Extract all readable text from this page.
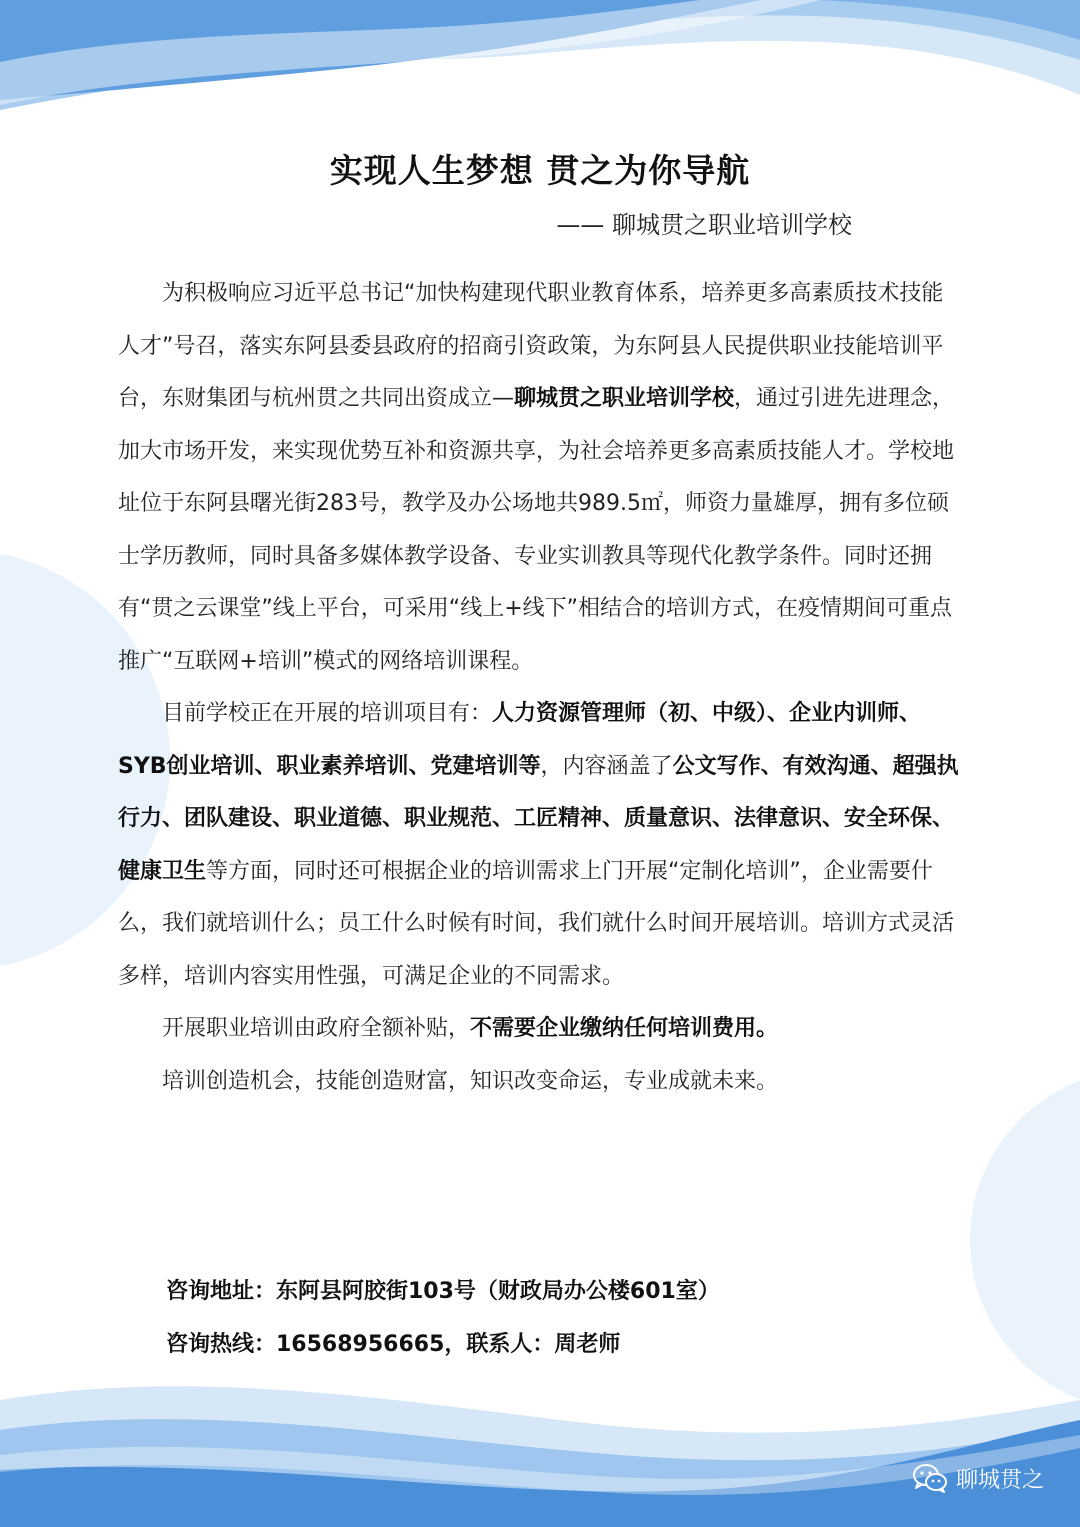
实现人生梦想 贯之为你导航
—— 聊城贯之职业培训学校

为积极响应习近平总书记“加快构建现代职业教育体系，培养更多高素质技术技能人才”号召，落实东阿县委县政府的招商引资政策，为东阿县人民提供职业技能培训平台，东财集团与杭州贯之共同出资成立—聊城贯之职业培训学校，通过引进先进理念，加大市场开发，来实现优势互补和资源共享，为社会培养更多高素质技能人才。学校地址位于东阿县曙光街283号，教学及办公场地共989.5㎡，师资力量雄厚，拥有多位硕士学历教师，同时具备多媒体教学设备、专业实训教具等现代化教学条件。同时还拥有“贯之云课堂”线上平台，可采用“线上+线下”相结合的培训方式，在疫情期间可重点推广“互联网+培训”模式的网络培训课程。

目前学校正在开展的培训项目有：人力资源管理师（初、中级）、企业内训师、SYB创业培训、职业素养培训、党建培训等，内容涵盖了公文写作、有效沟通、超强执行力、团队建设、职业道德、职业规范、工匠精神、质量意识、法律意识、安全环保、健康卫生等方面，同时还可根据企业的培训需求上门开展“定制化培训”，企业需要什么，我们就培训什么；员工什么时候有时间，我们就什么时间开展培训。培训方式灵活多样，培训内容实用性强，可满足企业的不同需求。

开展职业培训由政府全额补贴，不需要企业缴纳任何培训费用。

培训创造机会，技能创造财富，知识改变命运，专业成就未来。

咨询地址：东阿县阿胶街103号（财政局办公楼601室）
咨询热线：16568956665，联系人：周老师
聊城贯之
